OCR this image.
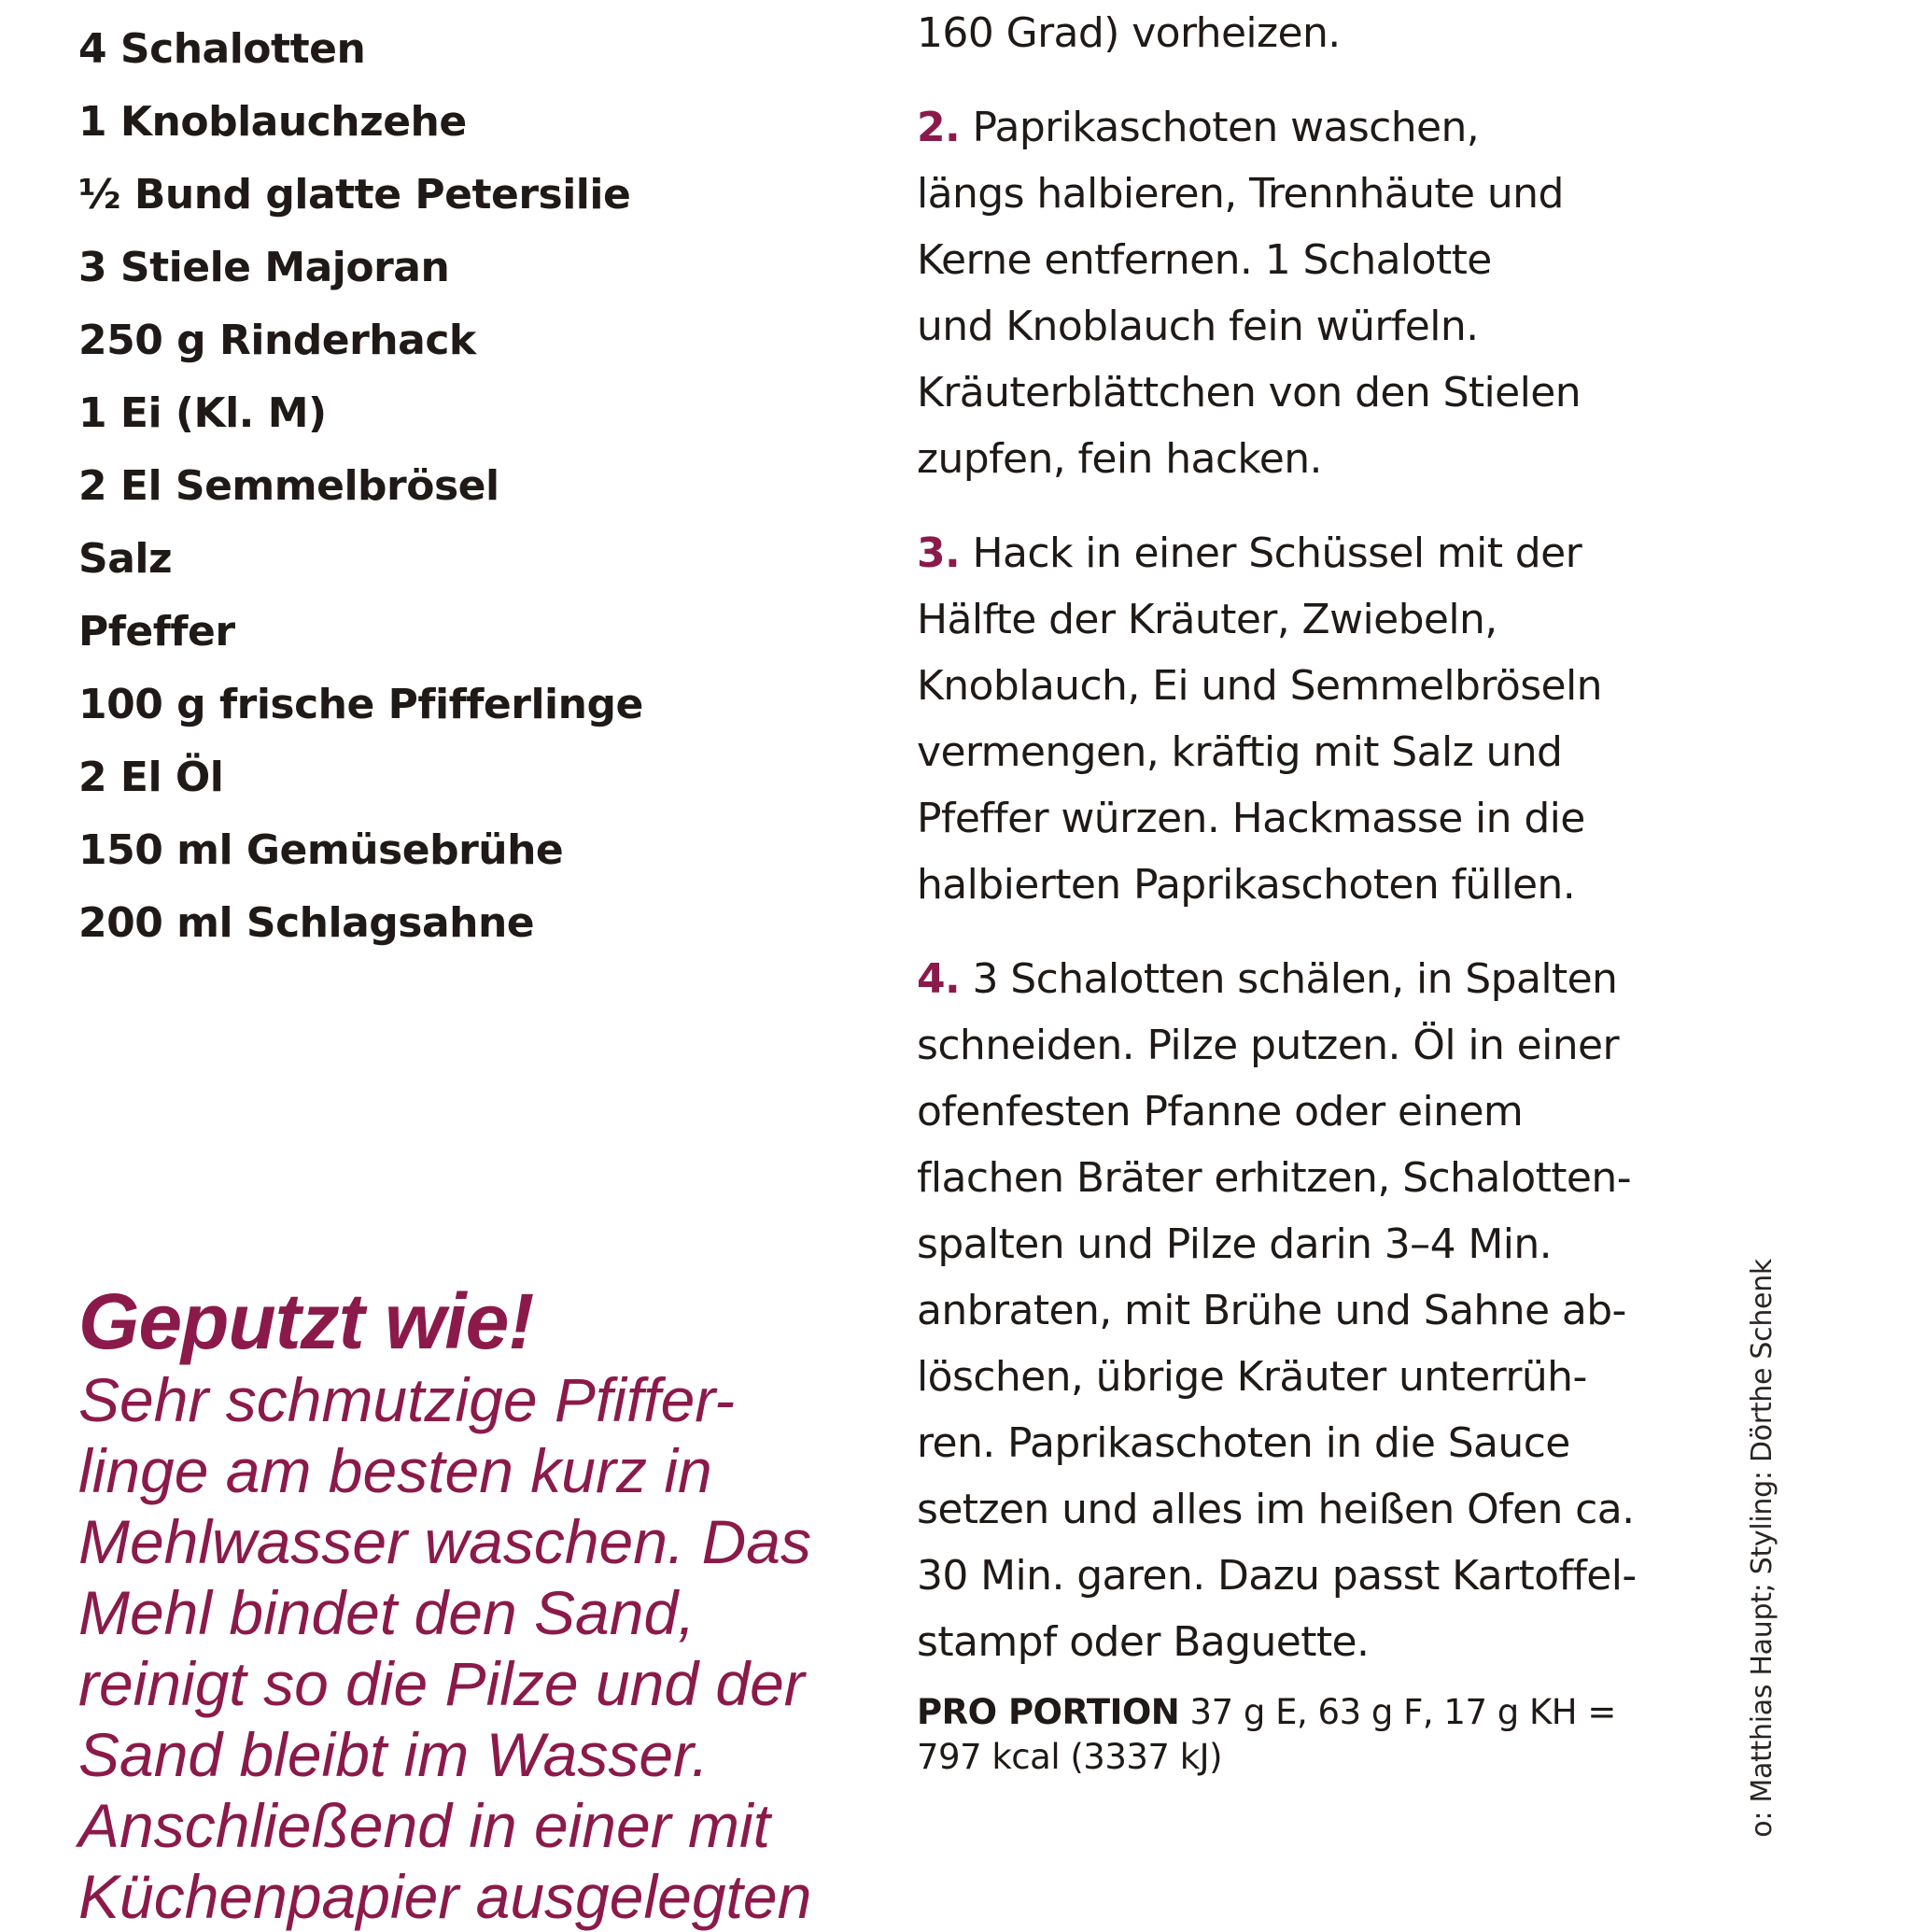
4 Schalotten
1 Knoblauchzehe
½ Bund glatte Petersilie
3 Stiele Majoran
250 g Rinderhack
1 Ei (Kl. M)
2 El Semmelbrösel
Salz
Pfeffer
100 g frische Pfifferlinge
2 El Öl
150 ml Gemüsebrühe
200 ml Schlagsahne
Geputzt wie!
Sehr schmutzige Pfiffer-
linge am besten kurz in
Mehlwasser waschen. Das
Mehl bindet den Sand,
reinigt so die Pilze und der
Sand bleibt im Wasser.
Anschließend in einer mit
Küchenpapier ausgelegten
160 Grad) vorheizen.
2. Paprikaschoten waschen,
längs halbieren, Trennhäute und
Kerne entfernen. 1 Schalotte
und Knoblauch fein würfeln.
Kräuterblättchen von den Stielen
zupfen, fein hacken.
3. Hack in einer Schüssel mit der
Hälfte der Kräuter, Zwiebeln,
Knoblauch, Ei und Semmelbröseln
vermengen, kräftig mit Salz und
Pfeffer würzen. Hackmasse in die
halbierten Paprikaschoten füllen.
4. 3 Schalotten schälen, in Spalten
schneiden. Pilze putzen. Öl in einer
ofenfesten Pfanne oder einem
flachen Bräter erhitzen, Schalotten-
spalten und Pilze darin 3–4 Min.
anbraten, mit Brühe und Sahne ab-
löschen, übrige Kräuter unterrüh-
ren. Paprikaschoten in die Sauce
setzen und alles im heißen Ofen ca.
30 Min. garen. Dazu passt Kartoffel-
stampf oder Baguette.
PRO PORTION 37 g E, 63 g F, 17 g KH =
797 kcal (3337 kJ)	o: Matthias Haupt; Styling: Dörthe Schenk
